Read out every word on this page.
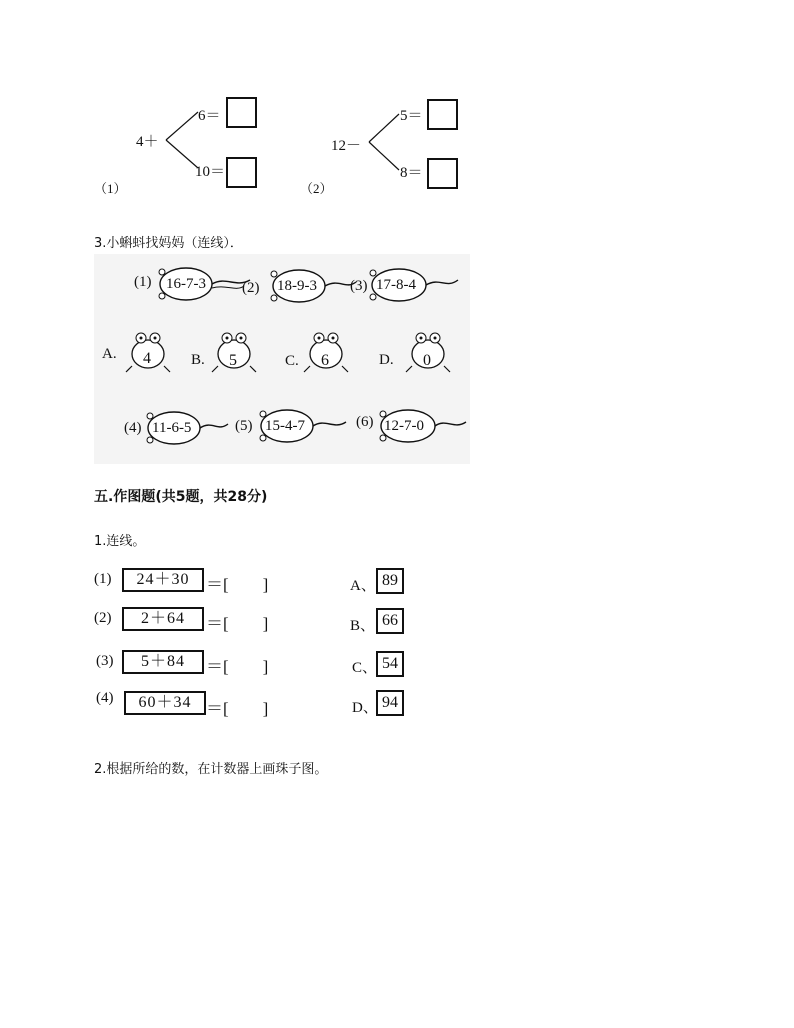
4＋
6＝
10＝
（1）
12－
5＝
8＝
（2）
3.小蝌蚪找妈妈（连线）．
(1) 16-7-3 (2) 18-9-3 (3) 17-8-4
A. 4	B. 5	C. 6	D. 0
(4) 11-6-5	(5) 15-4-7	(6) 12-7-0
五.作图题(共5题，共28分)
1.连线。
(1)	24＋30 ＝[　　]	A、 89
(2)	2＋64	＝[　　]	B、 66
(3)	5＋84	＝[　　]	C、 54
(4)	60＋34 ＝[　　]	D、 94
2.根据所给的数，在计数器上画珠子图。
